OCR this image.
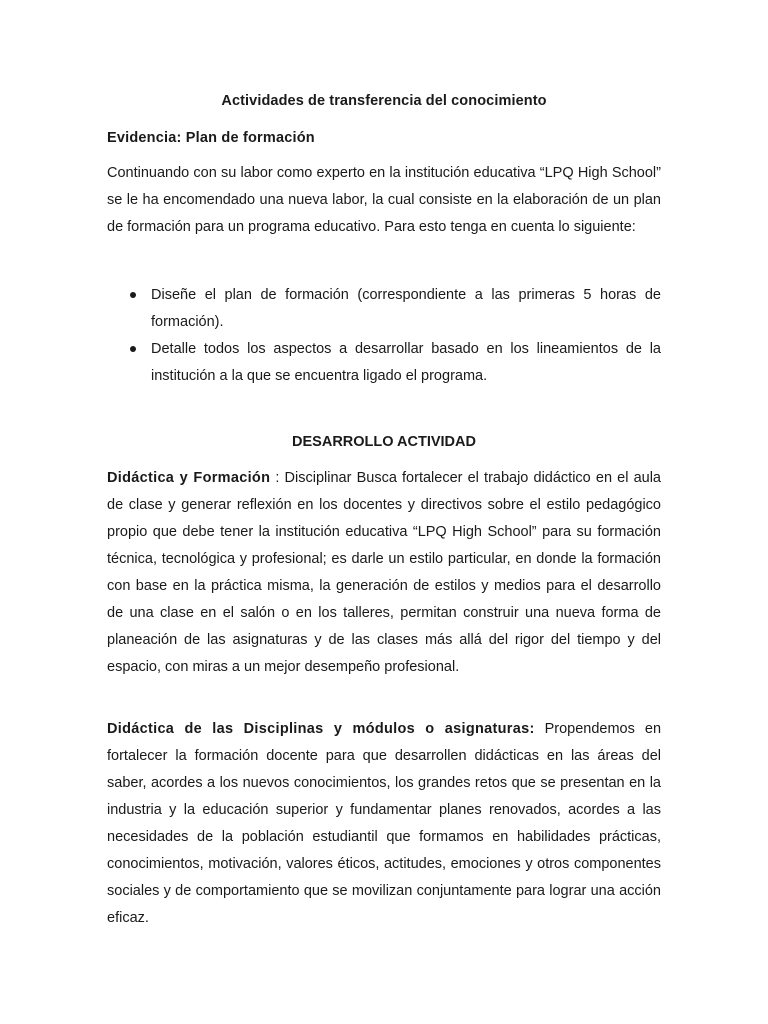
Actividades de transferencia del conocimiento
Evidencia: Plan de formación

Continuando con su labor como experto en la institución educativa “LPQ High School” se le ha encomendado una nueva labor, la cual consiste en la elaboración de un plan de formación para un programa educativo. Para esto tenga en cuenta lo siguiente:

Diseñe el plan de formación (correspondiente a las primeras 5 horas de formación).
Detalle todos los aspectos a desarrollar basado en los lineamientos de la institución a la que se encuentra ligado el programa.
DESARROLLO ACTIVIDAD

Didáctica y Formación : Disciplinar Busca fortalecer el trabajo didáctico en el aula de clase y generar reflexión en los docentes y directivos sobre el estilo pedagógico propio que debe tener la institución educativa “LPQ High School” para su formación técnica, tecnológica y profesional; es darle un estilo particular, en donde la formación con base en la práctica misma, la generación de estilos y medios para el desarrollo de una clase en el salón o en los talleres, permitan construir una nueva forma de planeación de las asignaturas y de las clases más allá del rigor del tiempo y del espacio, con miras a un mejor desempeño profesional.

Didáctica de las Disciplinas y módulos o asignaturas: Propendemos en fortalecer la formación docente para que desarrollen didácticas en las áreas del saber, acordes a los nuevos conocimientos, los grandes retos que se presentan en la industria y la educación superior y fundamentar planes renovados, acordes a las necesidades de la población estudiantil que formamos en habilidades prácticas, conocimientos, motivación, valores éticos, actitudes, emociones y otros componentes sociales y de comportamiento que se movilizan conjuntamente para lograr una acción eficaz.
